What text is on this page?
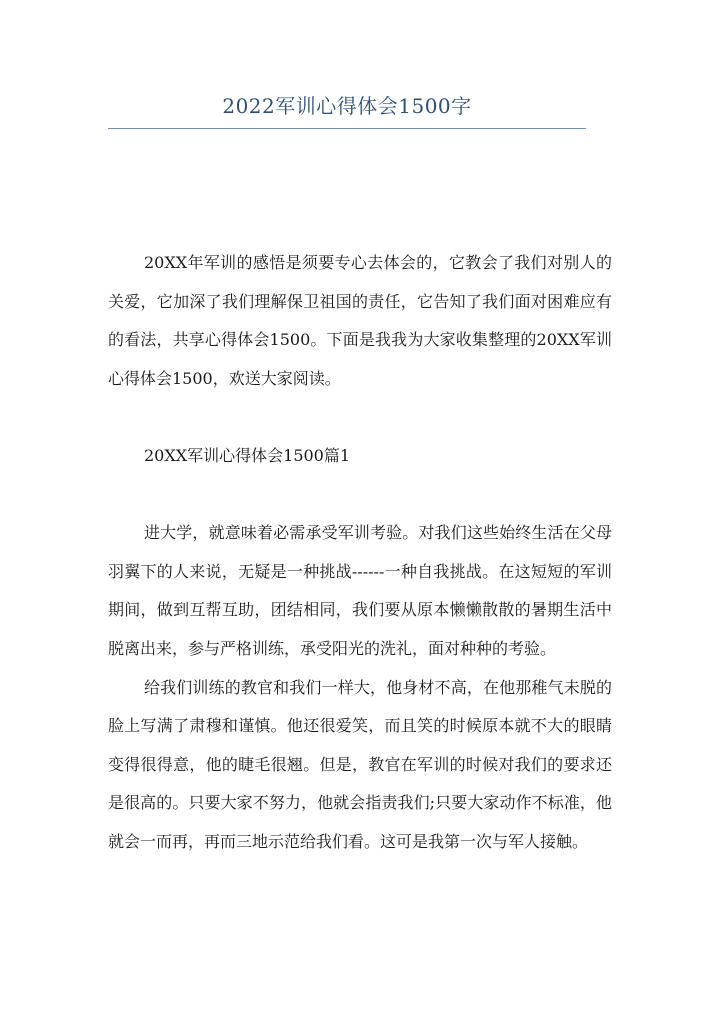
2022军训心得体会1500字

20XX年军训的感悟是须要专心去体会的，它教会了我们对别人的关爱，它加深了我们理解保卫祖国的责任，它告知了我们面对困难应有的看法，共享心得体会1500。下面是我我为大家收集整理的20XX军训心得体会1500，欢送大家阅读。

20XX军训心得体会1500篇1

进大学，就意味着必需承受军训考验。对我们这些始终生活在父母羽翼下的人来说，无疑是一种挑战------一种自我挑战。在这短短的军训期间，做到互帮互助，团结相同，我们要从原本懒懒散散的暑期生活中脱离出来，参与严格训练，承受阳光的洗礼，面对种种的考验。

给我们训练的教官和我们一样大，他身材不高，在他那稚气未脱的脸上写满了肃穆和谨慎。他还很爱笑，而且笑的时候原本就不大的眼睛变得很得意，他的睫毛很翘。但是，教官在军训的时候对我们的要求还是很高的。只要大家不努力，他就会指责我们;只要大家动作不标准，他就会一而再，再而三地示范给我们看。这可是我第一次与军人接触。
